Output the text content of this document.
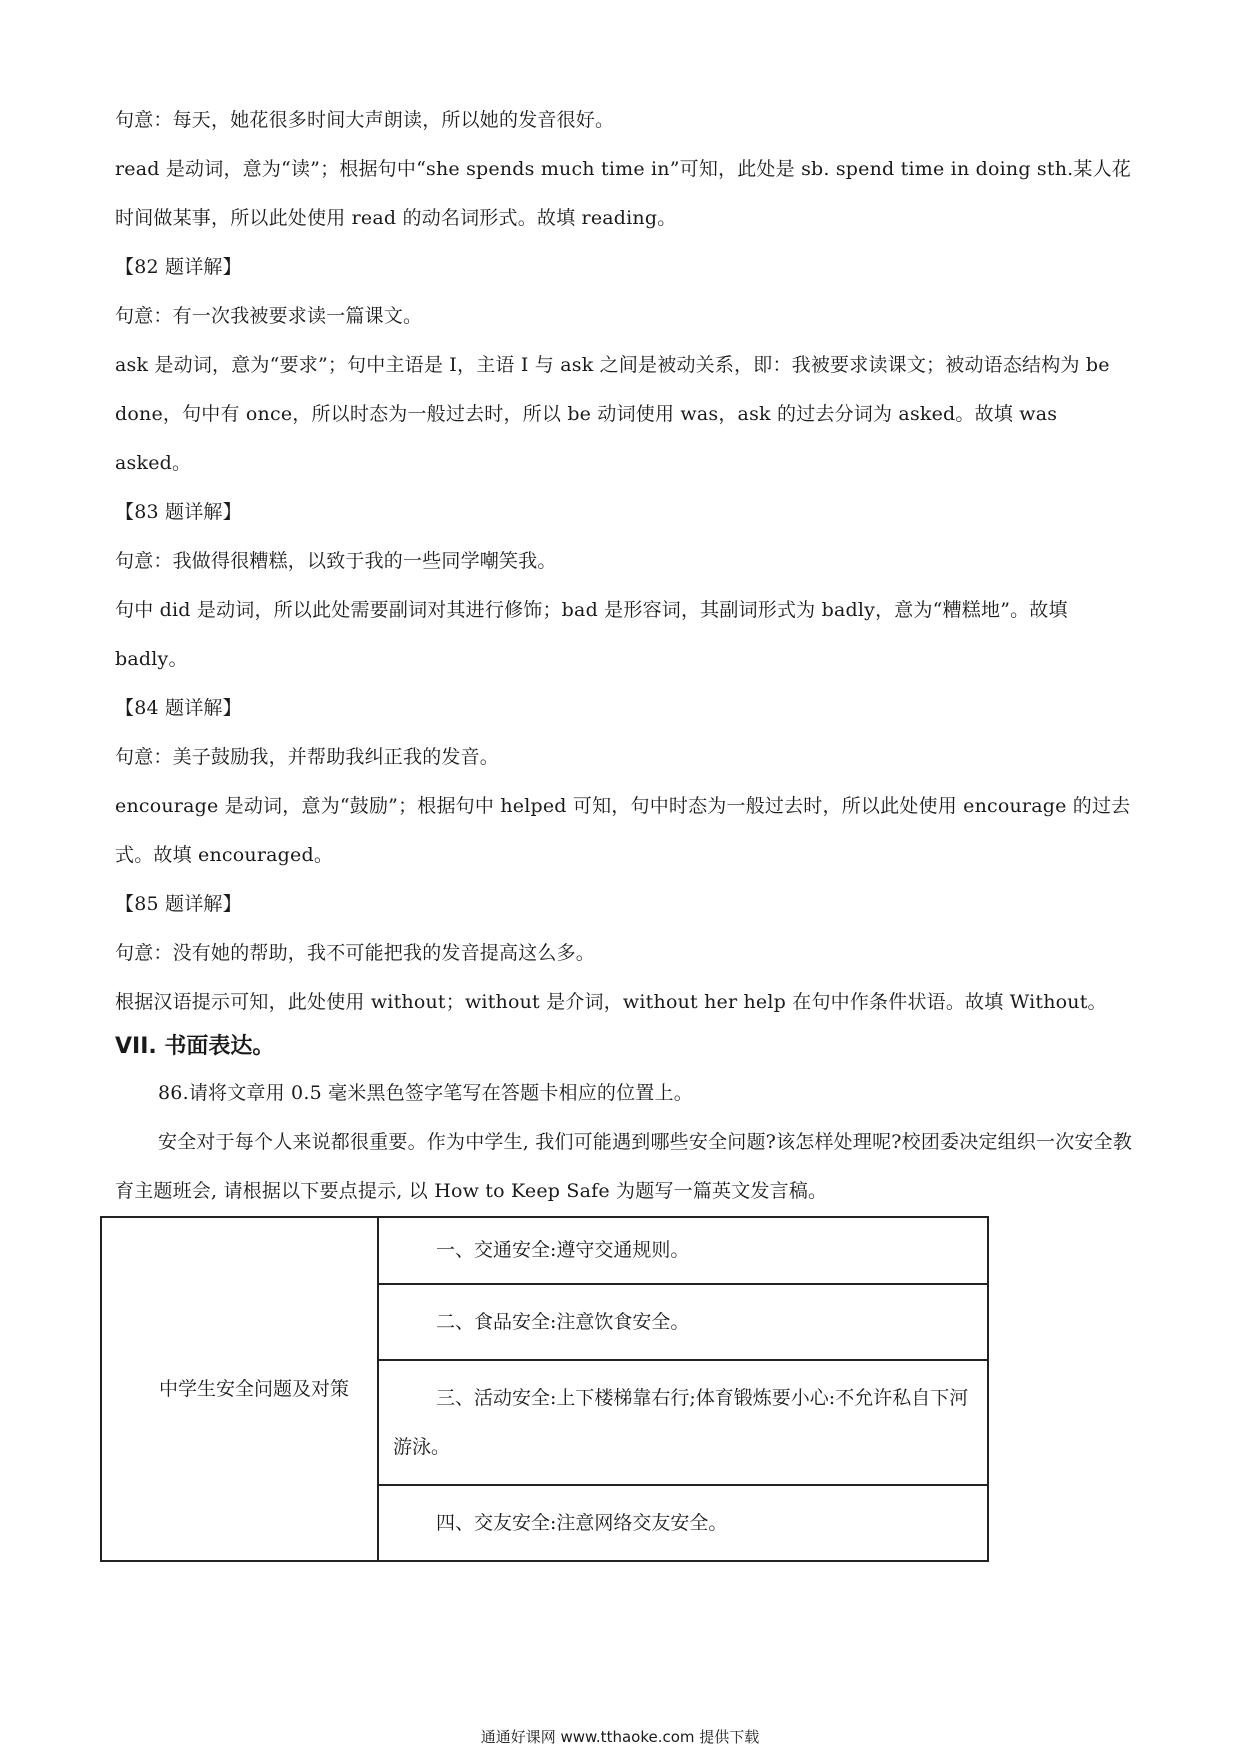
句意：每天，她花很多时间大声朗读，所以她的发音很好。

read 是动词，意为“读”；根据句中“she spends much time in”可知，此处是 sb. spend time in doing sth.某人花时间做某事，所以此处使用 read 的动名词形式。故填 reading。

【82 题详解】

句意：有一次我被要求读一篇课文。

ask 是动词，意为“要求”；句中主语是 I，主语 I 与 ask 之间是被动关系，即：我被要求读课文；被动语态结构为 be done，句中有 once，所以时态为一般过去时，所以 be 动词使用 was，ask 的过去分词为 asked。故填 was asked。

【83 题详解】

句意：我做得很糟糕，以致于我的一些同学嘲笑我。

句中 did 是动词，所以此处需要副词对其进行修饰；bad 是形容词，其副词形式为 badly，意为“糟糕地”。故填 badly。

【84 题详解】

句意：美子鼓励我，并帮助我纠正我的发音。

encourage 是动词，意为“鼓励”；根据句中 helped 可知，句中时态为一般过去时，所以此处使用 encourage 的过去式。故填 encouraged。

【85 题详解】

句意：没有她的帮助，我不可能把我的发音提高这么多。

根据汉语提示可知，此处使用 without；without 是介词，without her help 在句中作条件状语。故填 Without。

VII. 书面表达。

86.请将文章用 0.5 毫米黑色签字笔写在答题卡相应的位置上。

安全对于每个人来说都很重要。作为中学生, 我们可能遇到哪些安全问题?该怎样处理呢?校团委决定组织一次安全教育主题班会, 请根据以下要点提示, 以 How to Keep Safe 为题写一篇英文发言稿。

中学生安全问题及对策

一、交通安全:遵守交通规则。

二、食品安全:注意饮食安全。

三、活动安全:上下楼梯靠右行;体育锻炼要小心:不允许私自下河游泳。

四、交友安全:注意网络交友安全。
通通好课网 www.tthaoke.com 提供下载
